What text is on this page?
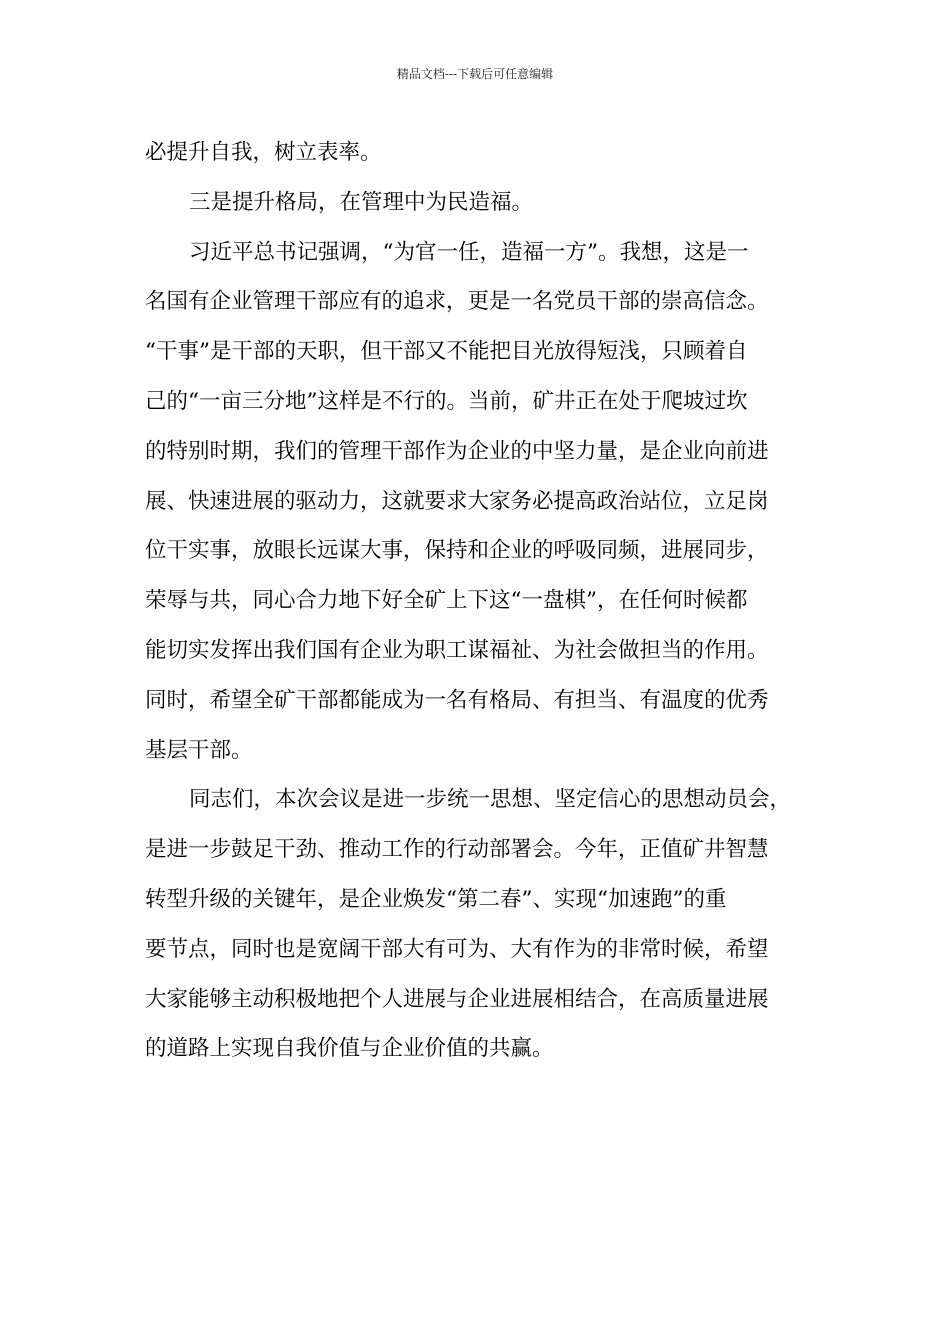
精品文档---下载后可任意编辑
必提升自我，树立表率。
三是提升格局，在管理中为民造福。
习近平总书记强调，“为官一任，造福一方”。我想，这是一
名国有企业管理干部应有的追求，更是一名党员干部的崇高信念。
“干事”是干部的天职，但干部又不能把目光放得短浅，只顾着自
己的“一亩三分地”这样是不行的。当前，矿井正在处于爬坡过坎
的特别时期，我们的管理干部作为企业的中坚力量，是企业向前进
展、快速进展的驱动力，这就要求大家务必提高政治站位，立足岗
位干实事，放眼长远谋大事，保持和企业的呼吸同频，进展同步，
荣辱与共，同心合力地下好全矿上下这“一盘棋”，在任何时候都
能切实发挥出我们国有企业为职工谋福祉、为社会做担当的作用。
同时，希望全矿干部都能成为一名有格局、有担当、有温度的优秀
基层干部。
同志们，本次会议是进一步统一思想、坚定信心的思想动员会，
是进一步鼓足干劲、推动工作的行动部署会。今年，正值矿井智慧
转型升级的关键年，是企业焕发“第二春”、实现“加速跑”的重
要节点，同时也是宽阔干部大有可为、大有作为的非常时候，希望
大家能够主动积极地把个人进展与企业进展相结合，在高质量进展
的道路上实现自我价值与企业价值的共赢。
